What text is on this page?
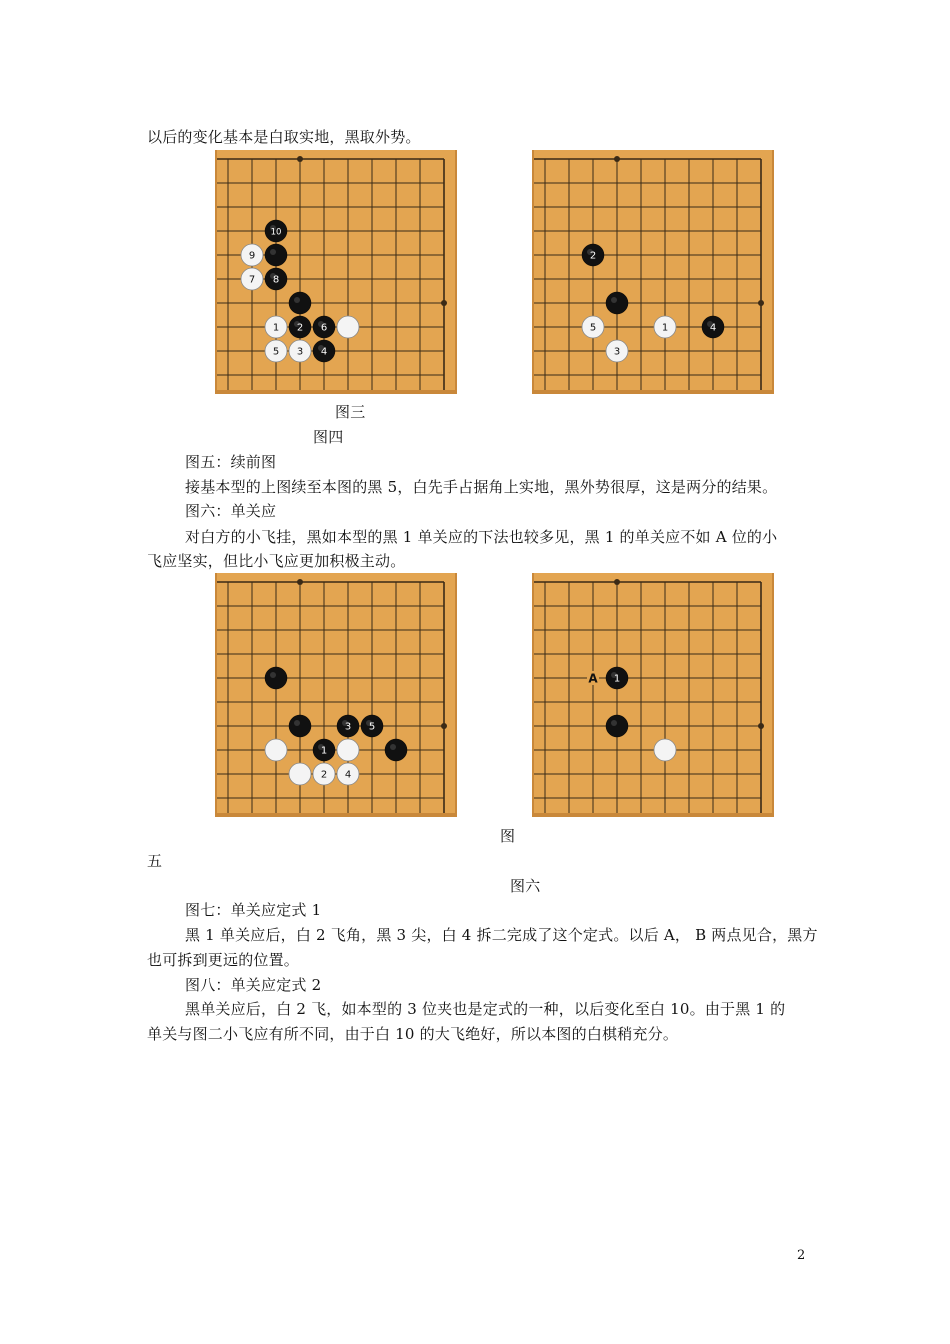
以后的变化基本是白取实地，黑取外势。
10
9
7 8
1 2 6
5 3 4
2
5	1	4
3
图三
图四
图五：续前图
接基本型的上图续至本图的黑 5，白先手占据角上实地，黑外势很厚，这是两分的结果。
图六：单关应
对白方的小飞挂，黑如本型的黑 1 单关应的下法也较多见，黑 1 的单关应不如 A 位的小
飞应坚实，但比小飞应更加积极主动。
3 5
1
2 4
1
A
图
五
图六
图七：单关应定式 1
黑 1 单关应后，白 2 飞角，黑 3 尖，白 4 拆二完成了这个定式。以后 A， B 两点见合，黑方
也可拆到更远的位置。
图八：单关应定式 2
黑单关应后，白 2 飞，如本型的 3 位夹也是定式的一种，以后变化至白 10。由于黑 1 的
单关与图二小飞应有所不同，由于白 10 的大飞绝好，所以本图的白棋稍充分。
2
